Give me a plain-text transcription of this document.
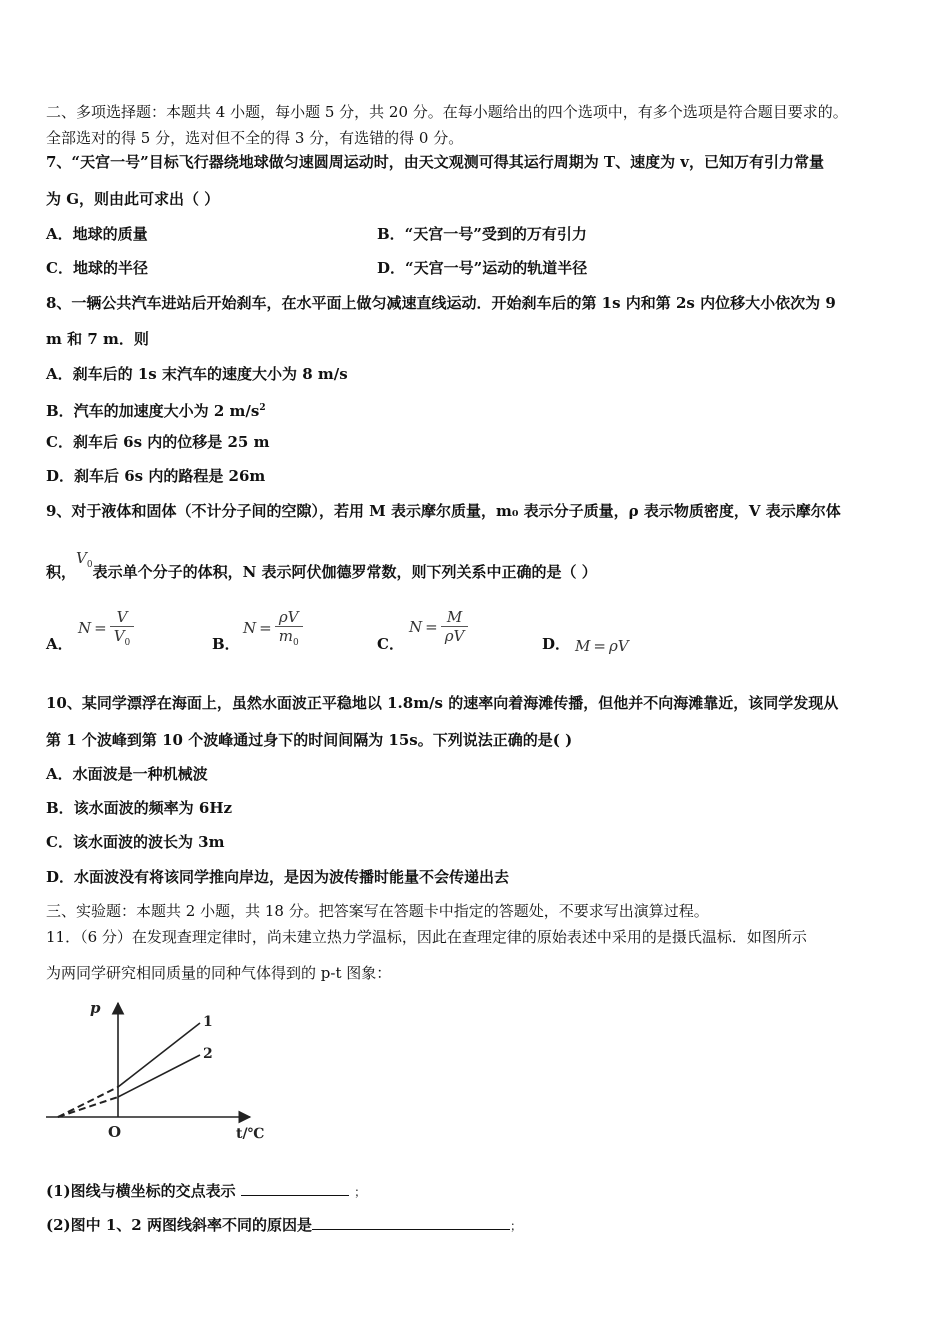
二、多项选择题：本题共 4 小题，每小题 5 分，共 20 分。在每小题给出的四个选项中，有多个选项是符合题目要求的。
全部选对的得 5 分，选对但不全的得 3 分，有选错的得 0 分。
7、“天宫一号”目标飞行器绕地球做匀速圆周运动时，由天文观测可得其运行周期为 T、速度为 v，已知万有引力常量
为 G，则由此可求出（ ）
A．地球的质量	B．“天宫一号”受到的万有引力
C．地球的半径	D．“天宫一号”运动的轨道半径
8、一辆公共汽车进站后开始刹车，在水平面上做匀减速直线运动．开始刹车后的第 1s 内和第 2s 内位移大小依次为 9
m 和 7 m．则
A．刹车后的 1s 末汽车的速度大小为 8 m/s
B．汽车的加速度大小为 2 $m/s^2$
C．刹车后 6s 内的位移是 25 m
D．刹车后 6s 内的路程是 26m
9、对于液体和固体（不计分子间的空隙），若用 M 表示摩尔质量，m₀ 表示分子质量，ρ 表示物质密度，V 表示摩尔体
积，$V_0$表示单个分子的体积，N 表示阿伏伽德罗常数，则下列关系中正确的是（ ）
A．
$N = \frac{V}{V_0}$	B．
$N = \frac{\rho V}{m_0}$	C．
$N = \frac{M}{\rho V}$	D． M = ρV
10、某同学漂浮在海面上，虽然水面波正平稳地以 1.8m/s 的速率向着海滩传播，但他并不向海滩靠近，该同学发现从
第 1 个波峰到第 10 个波峰通过身下的时间间隔为 15s。下列说法正确的是( )
A．水面波是一种机械波
B．该水面波的频率为 6Hz
C．该水面波的波长为 3m
D．水面波没有将该同学推向岸边，是因为波传播时能量不会传递出去
三、实验题：本题共 2 小题，共 18 分。把答案写在答题卡中指定的答题处，不要求写出演算过程。
11．（6 分）在发现查理定律时，尚未建立热力学温标，因此在查理定律的原始表述中采用的是摄氏温标．如图所示
为两同学研究相同质量的同种气体得到的 p-t 图象：
p
t/℃
O
1
2
(1)图线与横坐标的交点表示	；
(2)图中 1、2 两图线斜率不同的原因是	；
